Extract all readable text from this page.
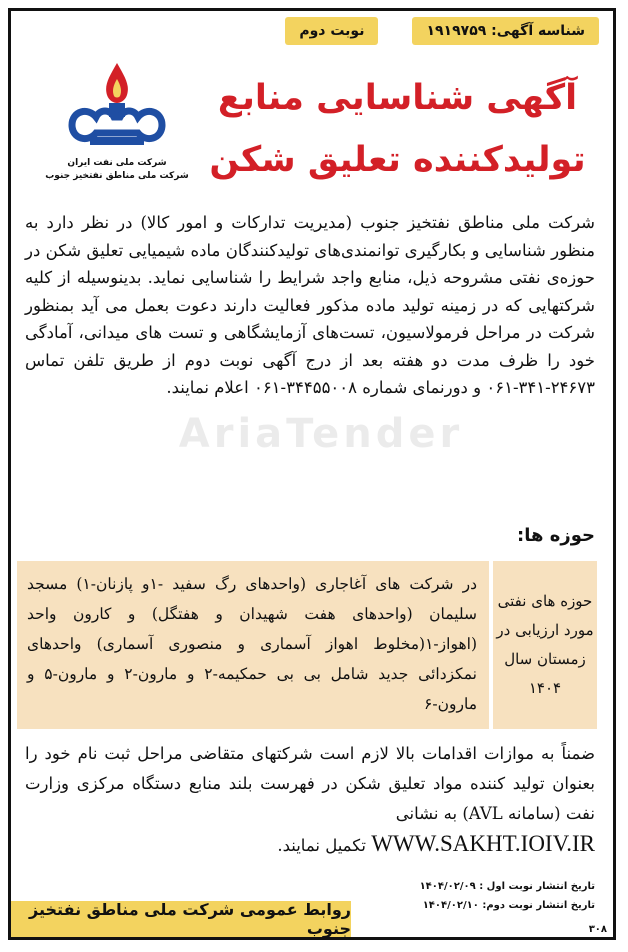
شناسه آگهی: ۱۹۱۹۷۵۹
نوبت دوم
AriaTender
شرکت ملی نفت ایران
شرکت ملی مناطق نفتخیز جنوب
آگهی شناسایی منابع
تولیدکننده تعلیق شکن
شرکت ملی مناطق نفتخیز جنوب (مدیریت تدارکات و امور کالا) در نظر دارد به منظور شناسایی و بکارگیری توانمندی‌های تولیدکنندگان ماده شیمیایی تعلیق شکن در حوزه‌ی نفتی مشروحه ذیل، منابع واجد شرایط را شناسایی نماید. بدینوسیله از کلیه شرکتهایی که در زمینه تولید ماده مذکور فعالیت دارند دعوت بعمل می آید بمنظور شرکت در مراحل فرمولاسیون، تست‌های آزمایشگاهی و تست های میدانی، آمادگی خود را ظرف مدت دو هفته بعد از درج آگهی نوبت دوم از طریق تلفن تماس ۲۴۶۷۳-۳۴۱-۰۶۱ و دورنمای شماره ۳۴۴۵۵۰۰۸-۰۶۱ اعلام نمایند.
حوزه ها:
حوزه های نفتی مورد ارزیابی در زمستان سال ۱۴۰۴
در شرکت های آغاجاری (واحدهای رگ سفید -۱و پازنان-۱) مسجد سلیمان (واحدهای هفت شهیدان و هفتگل) و کارون واحد (اهواز-۱(مخلوط اهواز آسماری و منصوری آسماری) واحدهای نمکزدائی جدید شامل بی بی حمکیمه-۲ و مارون-۲ و مارون-۵ و مارون-۶
ضمناً به موازات اقدامات بالا لازم است شرکتهای متقاضی مراحل ثبت نام خود را بعنوان تولید کننده مواد تعلیق شکن در فهرست بلند منابع دستگاه مرکزی وزارت نفت (سامانه AVL) به نشانی
WWW.SAKHT.IOIV.IR تکمیل نمایند.
تاریخ انتشار نوبت اول : ۱۴۰۴/۰۲/۰۹
تاریخ انتشار نوبت دوم: ۱۴۰۴/۰۲/۱۰
روابط عمومی شرکت ملی مناطق نفتخیز جنوب	۳۰۸
